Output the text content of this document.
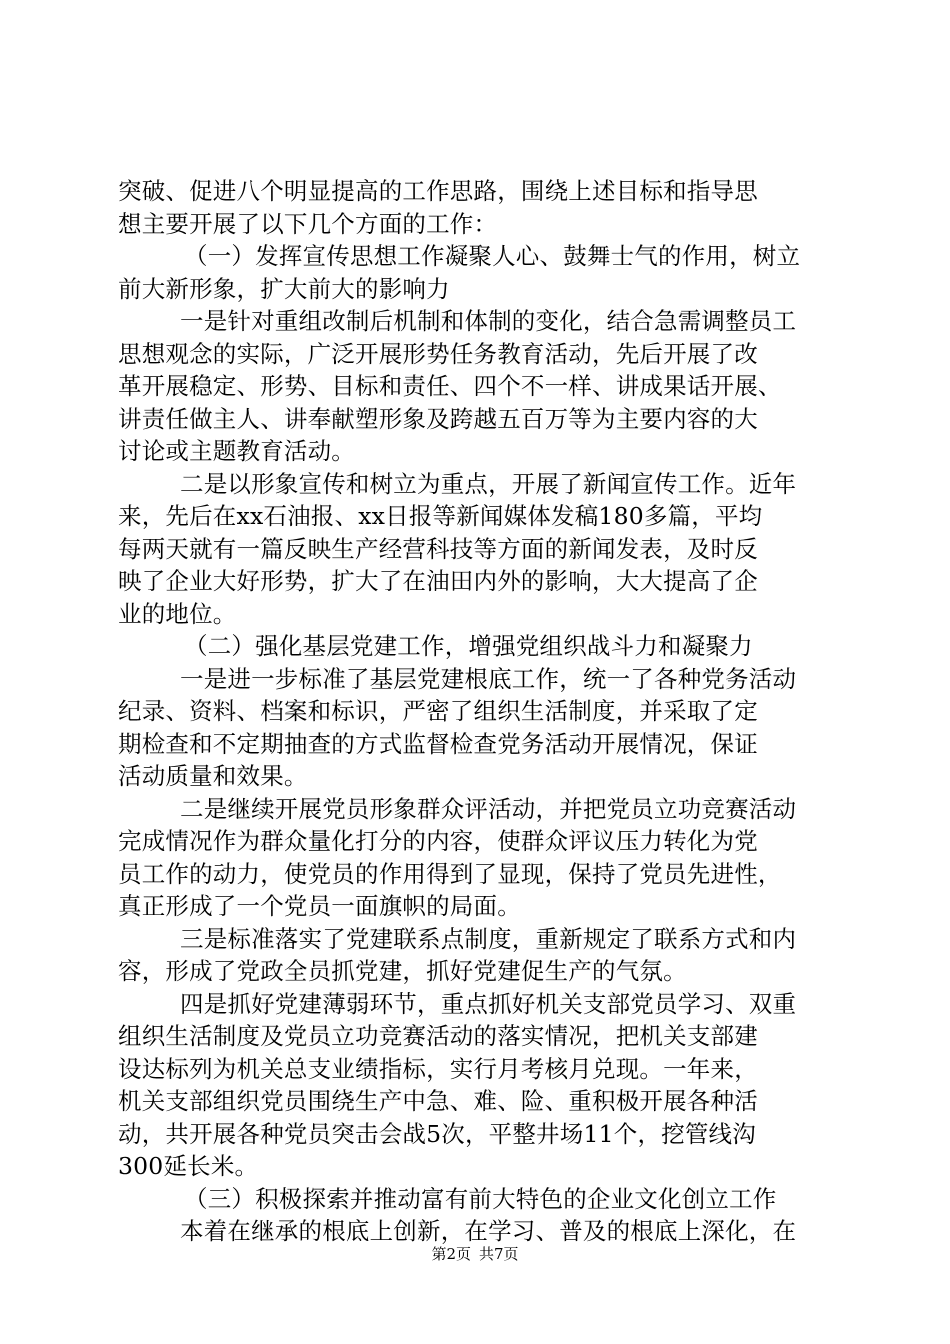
突破、促进八个明显提高的工作思路，围绕上述目标和指导思
想主要开展了以下几个方面的工作：
（一）发挥宣传思想工作凝聚人心、鼓舞士气的作用，树立
前大新形象，扩大前大的影响力
一是针对重组改制后机制和体制的变化，结合急需调整员工
思想观念的实际，广泛开展形势任务教育活动，先后开展了改
革开展稳定、形势、目标和责任、四个不一样、讲成果话开展、
讲责任做主人、讲奉献塑形象及跨越五百万等为主要内容的大
讨论或主题教育活动。
二是以形象宣传和树立为重点，开展了新闻宣传工作。近年
来，先后在xx石油报、xx日报等新闻媒体发稿180多篇，平均
每两天就有一篇反映生产经营科技等方面的新闻发表，及时反
映了企业大好形势，扩大了在油田内外的影响，大大提高了企
业的地位。
（二）强化基层党建工作，增强党组织战斗力和凝聚力
一是进一步标准了基层党建根底工作，统一了各种党务活动
纪录、资料、档案和标识，严密了组织生活制度，并采取了定
期检查和不定期抽查的方式监督检查党务活动开展情况，保证
活动质量和效果。
二是继续开展党员形象群众评活动，并把党员立功竞赛活动
完成情况作为群众量化打分的内容，使群众评议压力转化为党
员工作的动力，使党员的作用得到了显现，保持了党员先进性，
真正形成了一个党员一面旗帜的局面。
三是标准落实了党建联系点制度，重新规定了联系方式和内
容，形成了党政全员抓党建，抓好党建促生产的气氛。
四是抓好党建薄弱环节，重点抓好机关支部党员学习、双重
组织生活制度及党员立功竞赛活动的落实情况，把机关支部建
设达标列为机关总支业绩指标，实行月考核月兑现。一年来，
机关支部组织党员围绕生产中急、难、险、重积极开展各种活
动，共开展各种党员突击会战5次，平整井场11个，挖管线沟
300延长米。
（三）积极探索并推动富有前大特色的企业文化创立工作
本着在继承的根底上创新，在学习、普及的根底上深化，在
第2页 共7页
